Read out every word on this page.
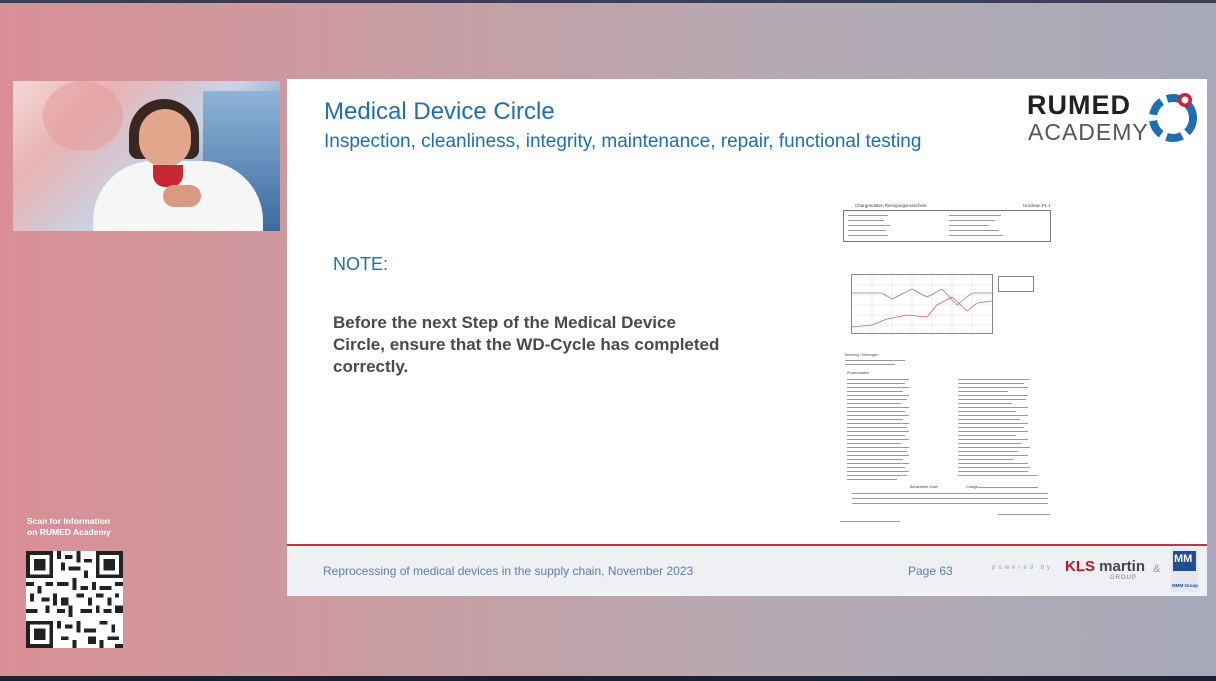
Scan for Information
on RUMED Academy
Medical Device Circle
Inspection, cleanliness, integrity, maintenance, repair, functional testing
RUMED
ACADEMY
NOTE:
Before the next Step of the Medical Device Circle, ensure that the WD-Cycle has completed correctly.
Chargendaten Reinigungsmaschine	Uniclean PL 1
Meldung / Störungen
Prozessdaten
Behandelte Güter	Charge
Reprocessing of medical devices in the supply chain, November 2023	Page 63	powered by KLS martin
GROUP
&
MM
MMM Group
